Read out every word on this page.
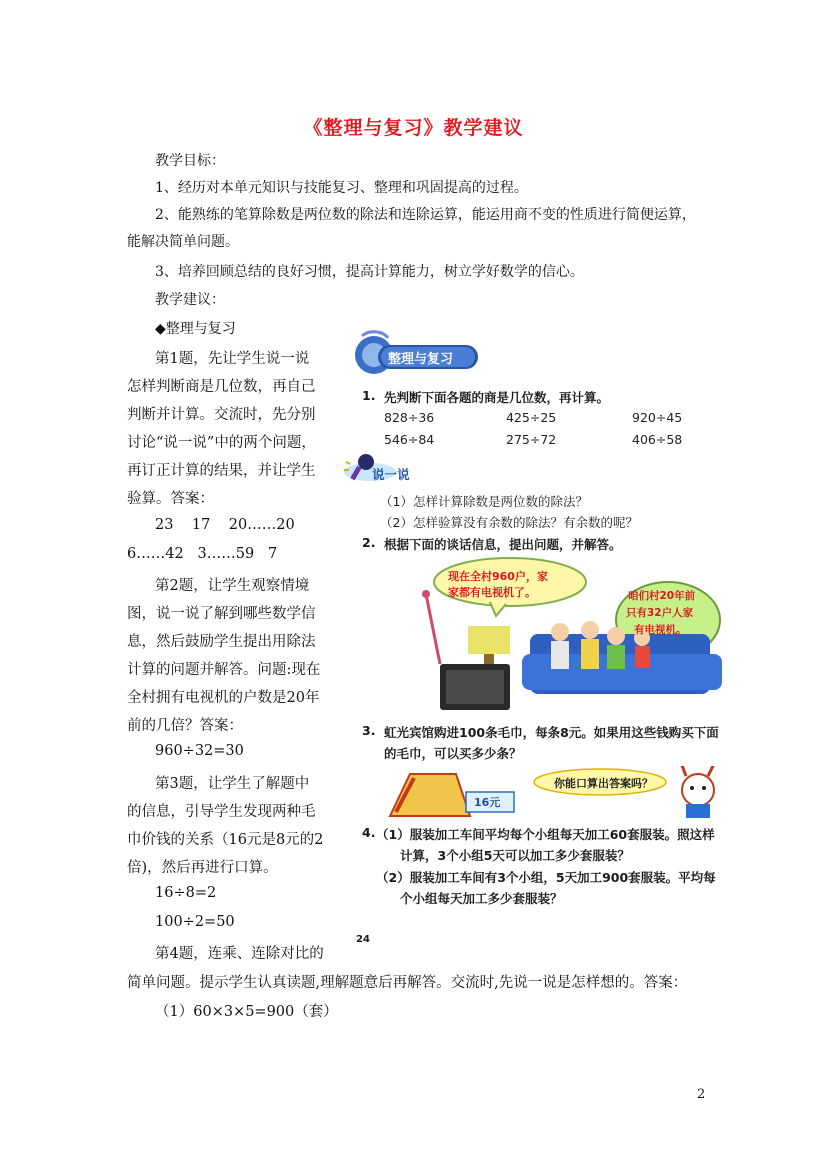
《整理与复习》教学建议
教学目标：
1、经历对本单元知识与技能复习、整理和巩固提高的过程。
2、能熟练的笔算除数是两位数的除法和连除运算，能运用商不变的性质进行简便运算，
能解决简单问题。
3、培养回顾总结的良好习惯，提高计算能力，树立学好数学的信心。
教学建议：
◆整理与复习
第1题，先让学生说一说
怎样判断商是几位数，再自己
判断并计算。交流时，先分别
讨论“说一说”中的两个问题，
再订正计算的结果，并让学生
验算。答案：
23    17    20……20
6……42   3……59   7
第2题，让学生观察情境
图，说一说了解到哪些数学信
息，然后鼓励学生提出用除法
计算的问题并解答。问题:现在
全村拥有电视机的户数是20年
前的几倍？答案：
960÷32=30
第3题，让学生了解题中
的信息，引导学生发现两种毛
巾价钱的关系（16元是8元的2
倍)，然后再进行口算。
16÷8=2
100÷2=50
第4题，连乘、连除对比的
简单问题。提示学生认真读题,理解题意后再解答。交流时,先说一说是怎样想的。答案：
（1）60×3×5=900（套）
整理与复习
1. 先判断下面各题的商是几位数，再计算。
828÷36	425÷25	920÷45
546÷84	275÷72	406÷58
说一说
（1）怎样计算除数是两位数的除法？
（2）怎样验算没有余数的除法？有余数的呢？
2. 根据下面的谈话信息，提出问题，并解答。
现在全村960户，家
家都有电视机了。	咱们村20年前
只有32户人家
有电视机。
3. 虹光宾馆购进100条毛巾，每条8元。如果用这些钱购买下面
的毛巾，可以买多少条？
16元
你能口算出答案吗？
4. （1）服装加工车间平均每个小组每天加工60套服装。照这样
计算，3个小组5天可以加工多少套服装？
（2）服装加工车间有3个小组，5天加工900套服装。平均每
个小组每天加工多少套服装？
24
2
